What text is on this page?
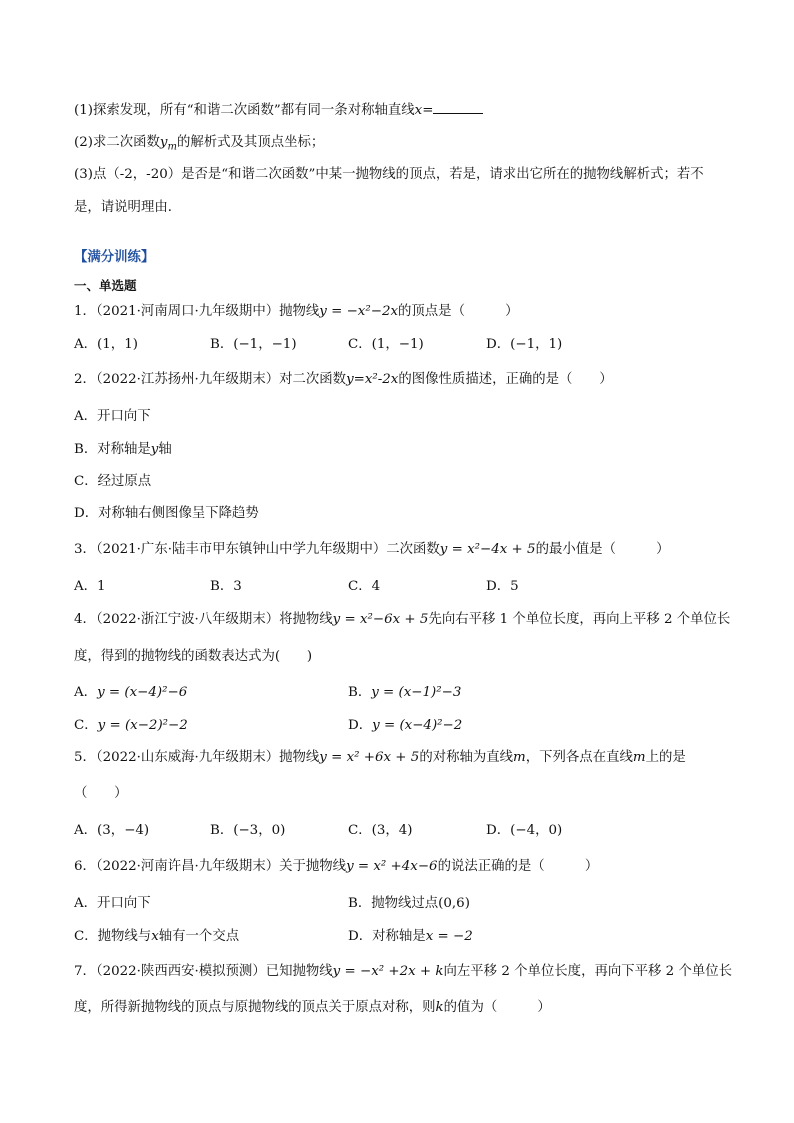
(1)探索发现，所有“和谐二次函数”都有同一条对称轴直线x=
(2)求二次函数$y_m$的解析式及其顶点坐标；
(3)点（-2，-20）是否是“和谐二次函数”中某一抛物线的顶点，若是，请求出它所在的抛物线解析式；若不
是，请说明理由．
【满分训练】
一、单选题
1．（2021·河南周口·九年级期中）抛物线y = −x²−2x的顶点是（　　　）
A．(1，1)	B．(−1，−1)	C．(1，−1)	D．(−1，1)
2．（2022·江苏扬州·九年级期末）对二次函数y=x²-2x的图像性质描述，正确的是（　　）
A．开口向下
B．对称轴是y轴
C．经过原点
D．对称轴右侧图像呈下降趋势
3．（2021·广东·陆丰市甲东镇钟山中学九年级期中）二次函数y = x²−4x + 5的最小值是（　　　）
A．1	B．3	C．4	D．5
4．（2022·浙江宁波·八年级期末）将抛物线y = x²−6x + 5先向右平移 1 个单位长度，再向上平移 2 个单位长
度，得到的抛物线的函数表达式为(　　)
A．y = (x−4)²−6	B．y = (x−1)²−3
C．y = (x−2)²−2	D．y = (x−4)²−2
5．（2022·山东威海·九年级期末）抛物线y = x² +6x + 5的对称轴为直线m，下列各点在直线m上的是
（　　）
A．(3，−4)	B．(−3，0)	C．(3，4)	D．(−4，0)
6．（2022·河南许昌·九年级期末）关于抛物线y = x² +4x−6的说法正确的是（　　　）
A．开口向下	B．抛物线过点(0,6)
C．抛物线与x轴有一个交点	D．对称轴是x = −2
7．（2022·陕西西安·模拟预测）已知抛物线y = −x² +2x + k向左平移 2 个单位长度，再向下平移 2 个单位长
度，所得新抛物线的顶点与原抛物线的顶点关于原点对称，则k的值为（　　　）
